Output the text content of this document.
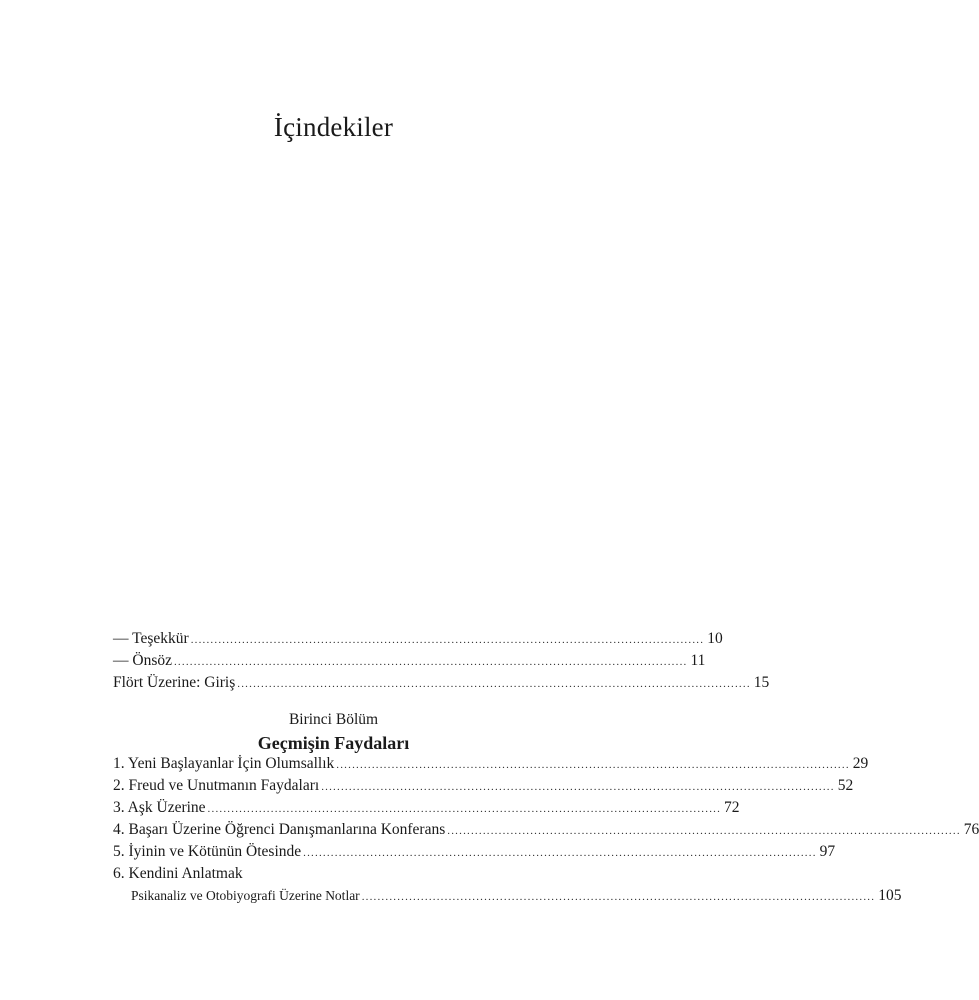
İçindekiler
— Teşekkür .................................................................................................................................. 10
— Önsöz .................................................................................................................................. 11
Flört Üzerine: Giriş .................................................................................................................................. 15
Birinci Bölüm
Geçmişin Faydaları
1. Yeni Başlayanlar İçin Olumsallık .................................................................................................................................. 29
2. Freud ve Unutmanın Faydaları .................................................................................................................................. 52
3. Aşk Üzerine .................................................................................................................................. 72
4. Başarı Üzerine Öğrenci Danışmanlarına Konferans .................................................................................................................................. 76
5. İyinin ve Kötünün Ötesinde .................................................................................................................................. 97
6. Kendini Anlatmak
Psikanaliz ve Otobiyografi Üzerine Notlar .................................................................................................................................. 105
